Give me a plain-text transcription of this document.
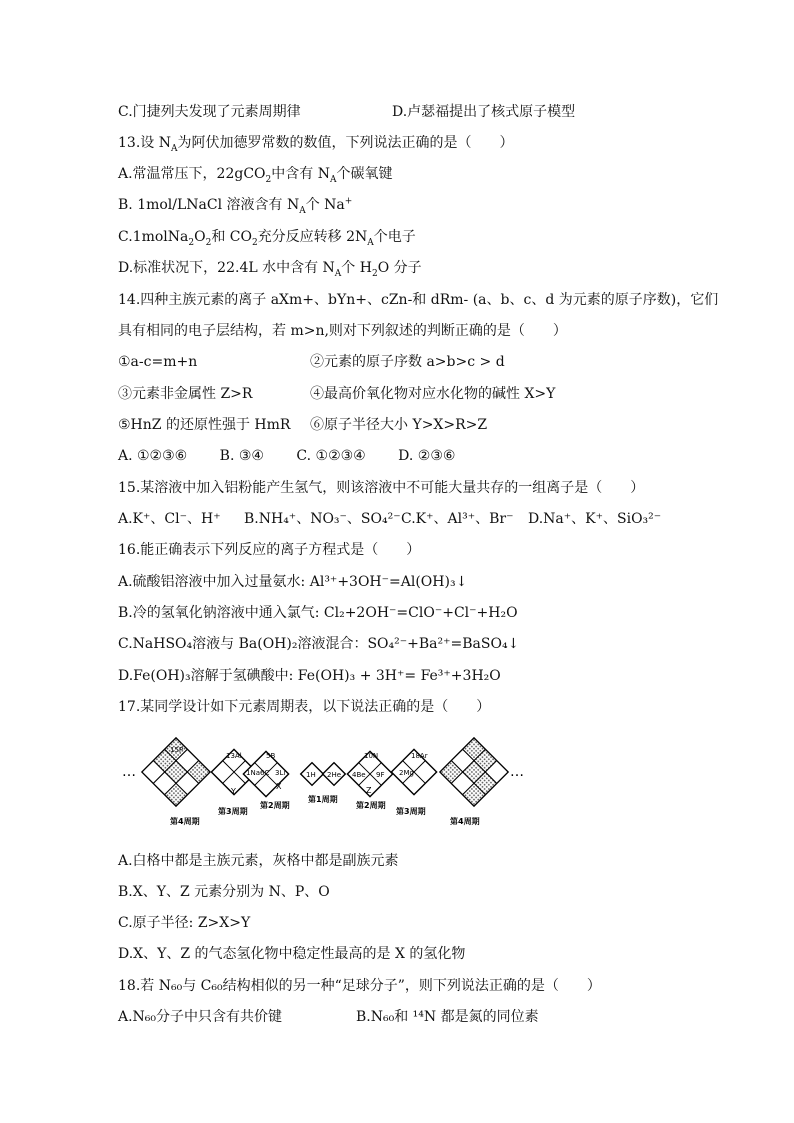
C.门捷列夫发现了元素周期律	D.卢瑟福提出了核式原子模型
13.设 $N_A$为阿伏加德罗常数的数值，下列说法正确的是（　　）
A.常温常压下，22gCO$_2$中含有 $N_A$个碳氧键
B. 1mol/LNaCl 溶液含有 $N_A$个 Na+
$C.1molNa_2O_2$和 $CO_2$充分反应转移 $2N_A$个电子
D.标准状况下，22.4L 水中含有 $N_A$个 $H_2O$ 分子
14.四种主族元素的离子 aXm+、bYn+、cZn-和 dRm- (a、b、c、d 为元素的原子序数)，它们
具有相同的电子层结构，若 m>n,则对下列叙述的判断正确的是（　　）
①a-c=m+n	②元素的原子序数 a>b>c > d
③元素非金属性 Z>R	④最高价氧化物对应水化物的碱性 X>Y
⑤HnZ 的还原性强于 HmR ⑥原子半径大小 Y>X>R>Z
A. ①②③⑥　　 B. ③④　　 C. ①②③④　　 D. ②③⑥
15.某溶液中加入铝粉能产生氢气，则该溶液中不可能大量共存的一组离子是（　　）
A.K⁺、Cl⁻、H⁺ B.NH₄⁺、NO₃⁻、SO₄²⁻ C.K⁺、Al³⁺、Br⁻ D.Na⁺、K⁺、SiO₃²⁻
16.能正确表示下列反应的离子方程式是（　　）
A.硫酸铝溶液中加入过量氨水: Al³⁺+3OH⁻=Al(OH)₃↓
B.冷的氢氧化钠溶液中通入氯气: Cl₂+2OH⁻=ClO⁻+Cl⁻+H₂O
C.NaHSO₄溶液与 Ba(OH)₂溶液混合：SO₄²⁻+Ba²⁺=BaSO₄↓
D.Fe(OH)₃溶解于氢碘酸中: Fe(OH)₃ + 3H⁺= Fe³⁺+3H₂O
17.某同学设计如下元素周期表，以下说法正确的是（　　）
…	…
15P
13Al
Y
5B
1Na 6C 3Li
X
1H 2He
10N
4Be 9F
Z
18Ar
2Mg
第4周期
第3周期
第2周期
第1周期
第2周期
第3周期
第4周期
A.白格中都是主族元素，灰格中都是副族元素
B.X、Y、Z 元素分别为 N、P、O
C.原子半径: Z>X>Y
D.X、Y、Z 的气态氢化物中稳定性最高的是 X 的氢化物
18.若 N₆₀与 C₆₀结构相似的另一种“足球分子”，则下列说法正确的是（　　）
A.N₆₀分子中只含有共价键	B.N₆₀和 ¹⁴N 都是氮的同位素
